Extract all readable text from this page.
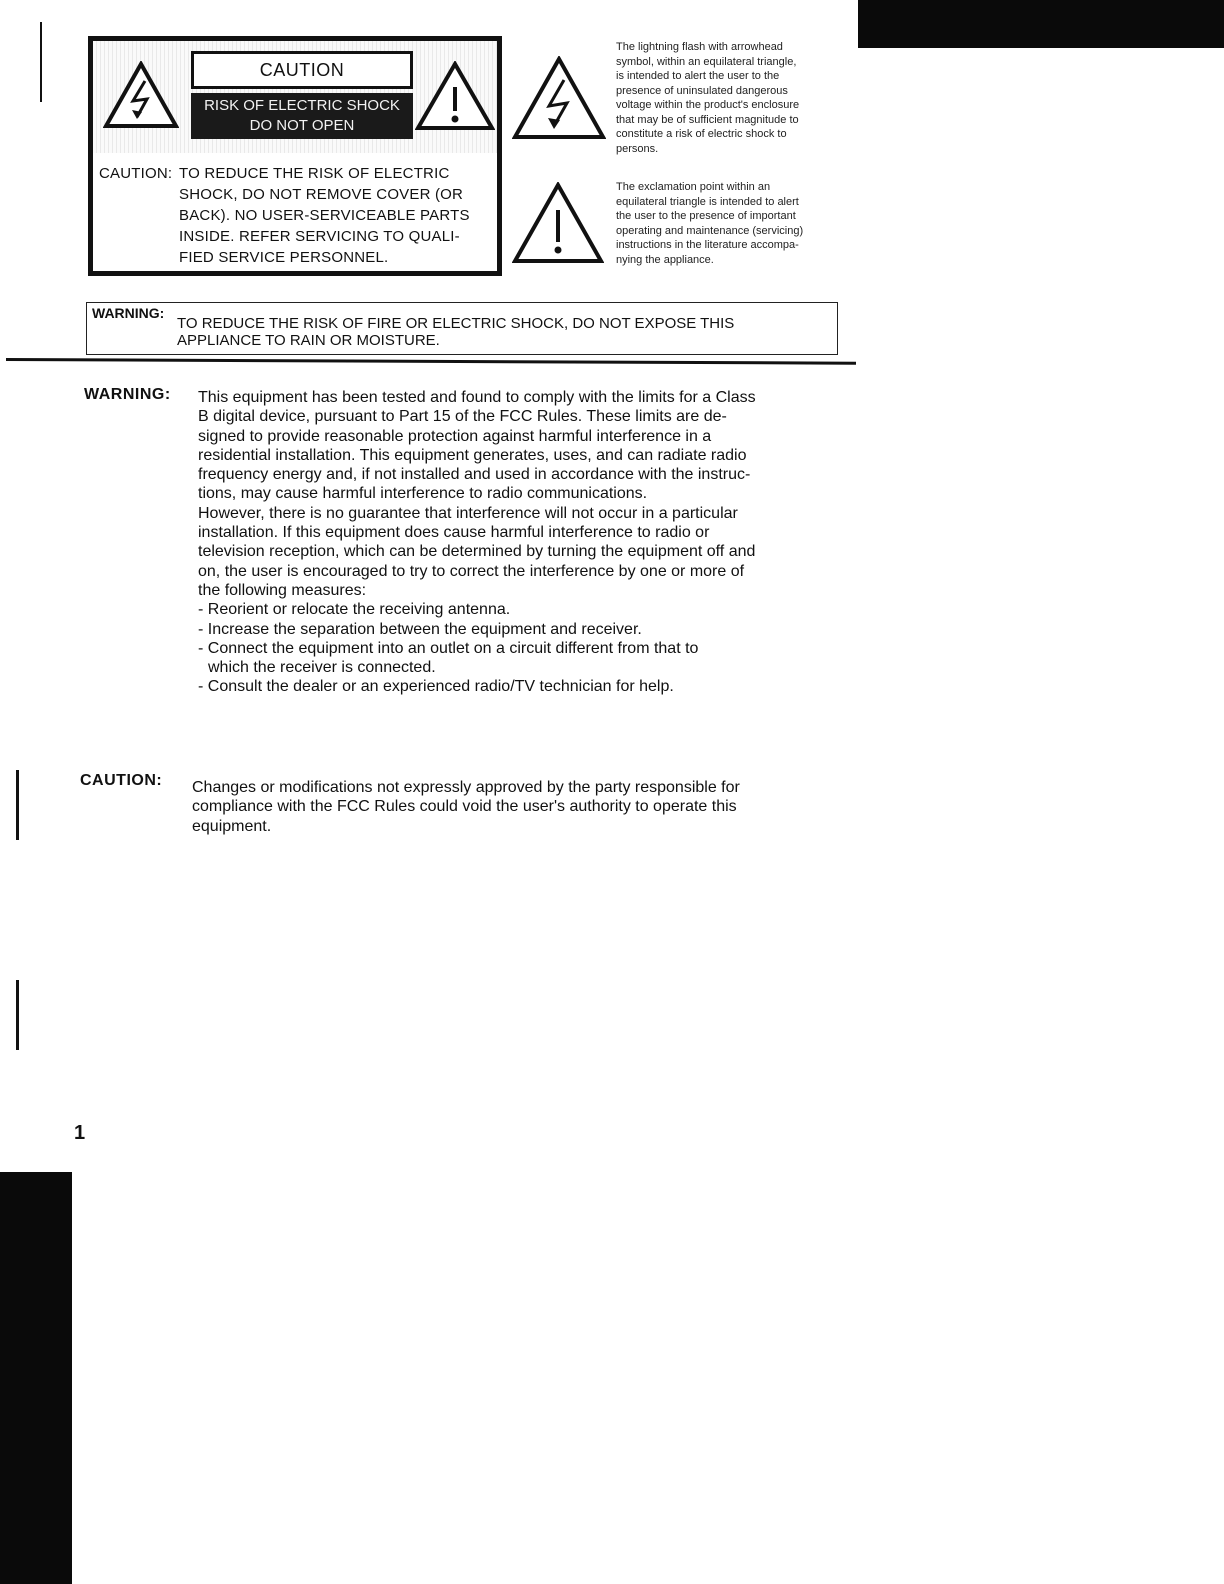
CAUTION
RISK OF ELECTRIC SHOCK
DO NOT OPEN
CAUTION: TO REDUCE THE RISK OF ELECTRIC
SHOCK, DO NOT REMOVE COVER (OR
BACK). NO USER-SERVICEABLE PARTS
INSIDE. REFER SERVICING TO QUALI-
FIED SERVICE PERSONNEL.
The lightning flash with arrowhead
symbol, within an equilateral triangle,
is intended to alert the user to the
presence of uninsulated dangerous
voltage within the product's enclosure
that may be of sufficient magnitude to
constitute a risk of electric shock to
persons.
The exclamation point within an
equilateral triangle is intended to alert
the user to the presence of important
operating and maintenance (servicing)
instructions in the literature accompa-
nying the appliance.
WARNING:
TO REDUCE THE RISK OF FIRE OR ELECTRIC SHOCK, DO NOT EXPOSE THIS
APPLIANCE TO RAIN OR MOISTURE.
WARNING: This equipment has been tested and found to comply with the limits for a Class
B digital device, pursuant to Part 15 of the FCC Rules. These limits are de-
signed to provide reasonable protection against harmful interference in a
residential installation. This equipment generates, uses, and can radiate radio
frequency energy and, if not installed and used in accordance with the instruc-
tions, may cause harmful interference to radio communications.
However, there is no guarantee that interference will not occur in a particular
installation. If this equipment does cause harmful interference to radio or
television reception, which can be determined by turning the equipment off and
on, the user is encouraged to try to correct the interference by one or more of
the following measures:
- Reorient or relocate the receiving antenna.
- Increase the separation between the equipment and receiver.
- Connect the equipment into an outlet on a circuit different from that to
which the receiver is connected.
- Consult the dealer or an experienced radio/TV technician for help.
CAUTION: Changes or modifications not expressly approved by the party responsible for
compliance with the FCC Rules could void the user's authority to operate this
equipment.
1
